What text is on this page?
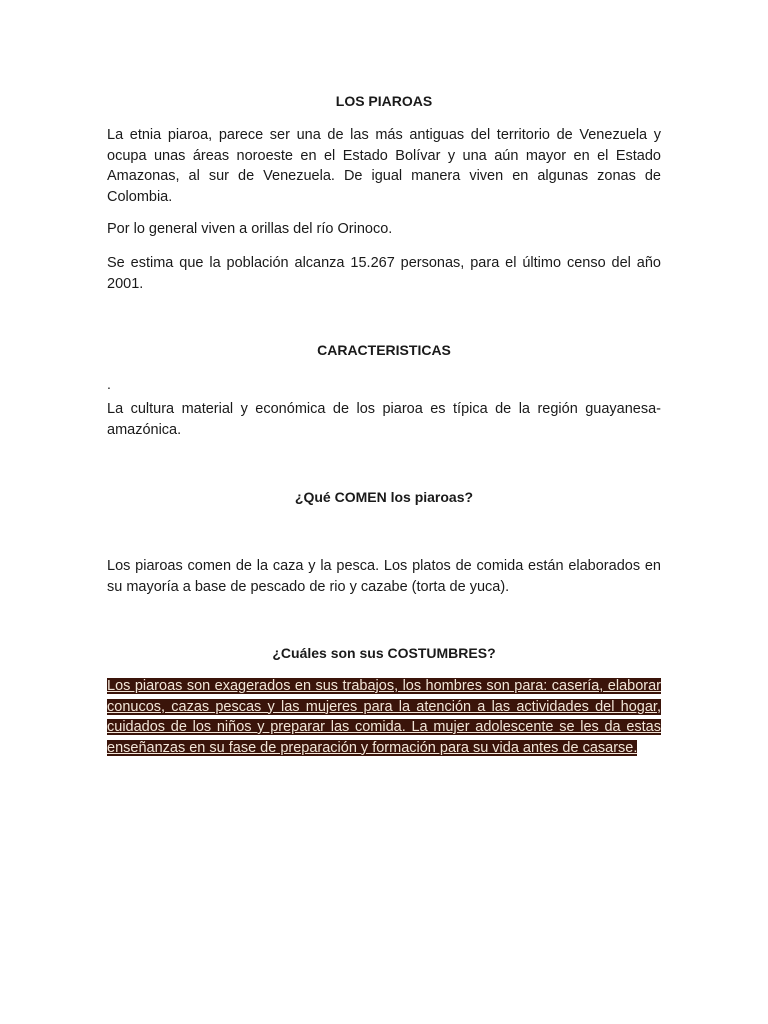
LOS PIAROAS

La etnia piaroa, parece ser una de las más antiguas del territorio de Venezuela y ocupa unas áreas noroeste en el Estado Bolívar y una aún mayor en el Estado Amazonas, al sur de Venezuela. De igual manera viven en algunas zonas de Colombia.

Por lo general viven a orillas del río Orinoco.

Se estima que la población alcanza 15.267 personas, para el último censo del año 2001.

CARACTERISTICAS

.

La cultura material y económica de los piaroa es típica de la región guayanesa-amazónica.

¿Qué COMEN los piaroas?

Los piaroas comen de la caza y la pesca. Los platos de comida están elaborados en su mayoría a base de pescado de rio y cazabe (torta de yuca).

¿Cuáles son sus COSTUMBRES?

Los piaroas son exagerados en sus trabajos, los hombres son para: casería, elaborar conucos, cazas pescas y las mujeres para la atención a las actividades del hogar, cuidados de los niños y preparar las comida. La mujer adolescente se les da estas enseñanzas en su fase de preparación y formación para su vida antes de casarse.
